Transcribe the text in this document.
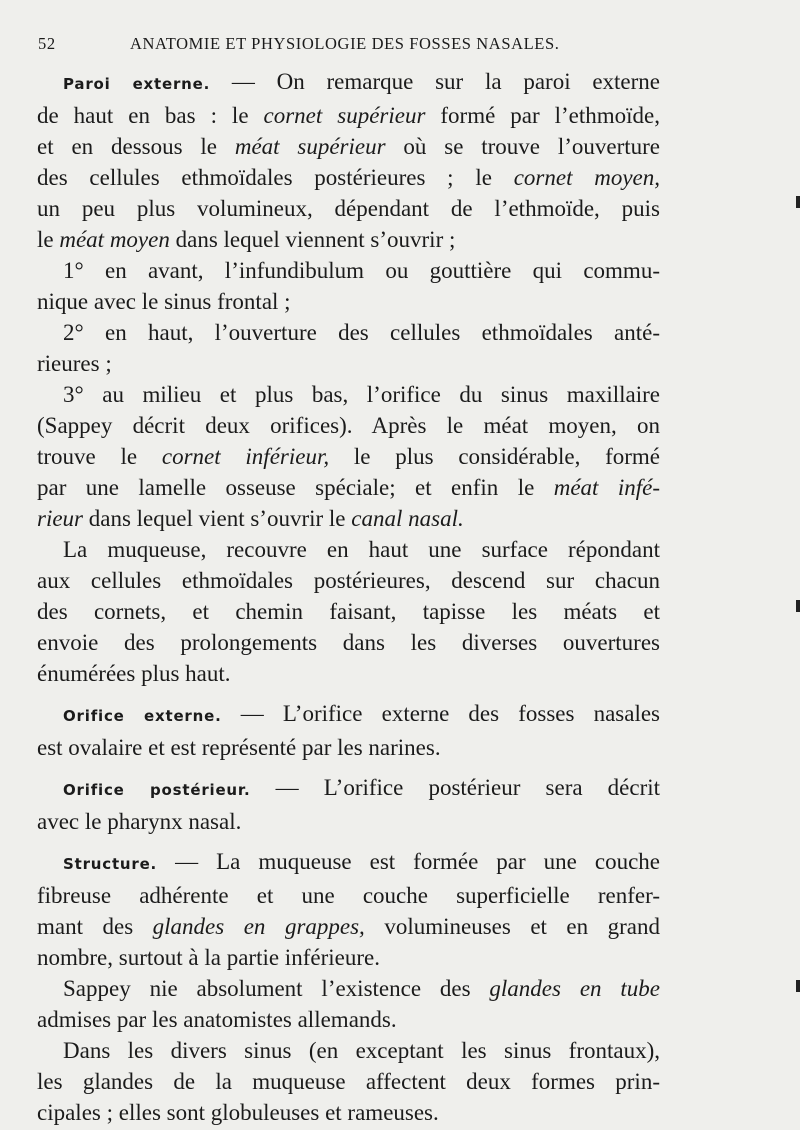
52	ANATOMIE ET PHYSIOLOGIE DES FOSSES NASALES.
Paroi externe. — On remarque sur la paroi externe
de haut en bas : le cornet supérieur formé par l’ethmoïde,
et en dessous le méat supérieur où se trouve l’ouverture
des cellules ethmoïdales postérieures ; le cornet moyen,
un peu plus volumineux, dépendant de l’ethmoïde, puis
le méat moyen dans lequel viennent s’ouvrir ;
1° en avant, l’infundibulum ou gouttière qui commu-
nique avec le sinus frontal ;
2° en haut, l’ouverture des cellules ethmoïdales anté-
rieures ;
3° au milieu et plus bas, l’orifice du sinus maxillaire
(Sappey décrit deux orifices). Après le méat moyen, on
trouve le cornet inférieur, le plus considérable, formé
par une lamelle osseuse spéciale; et enfin le méat infé-
rieur dans lequel vient s’ouvrir le canal nasal.
La muqueuse, recouvre en haut une surface répondant
aux cellules ethmoïdales postérieures, descend sur chacun
des cornets, et chemin faisant, tapisse les méats et
envoie des prolongements dans les diverses ouvertures
énumérées plus haut.
Orifice externe. — L’orifice externe des fosses nasales
est ovalaire et est représenté par les narines.
Orifice postérieur. — L’orifice postérieur sera décrit
avec le pharynx nasal.
Structure. — La muqueuse est formée par une couche
fibreuse adhérente et une couche superficielle renfer-
mant des glandes en grappes, volumineuses et en grand
nombre, surtout à la partie inférieure.
Sappey nie absolument l’existence des glandes en tube
admises par les anatomistes allemands.
Dans les divers sinus (en exceptant les sinus frontaux),
les glandes de la muqueuse affectent deux formes prin-
cipales ; elles sont globuleuses et rameuses.
